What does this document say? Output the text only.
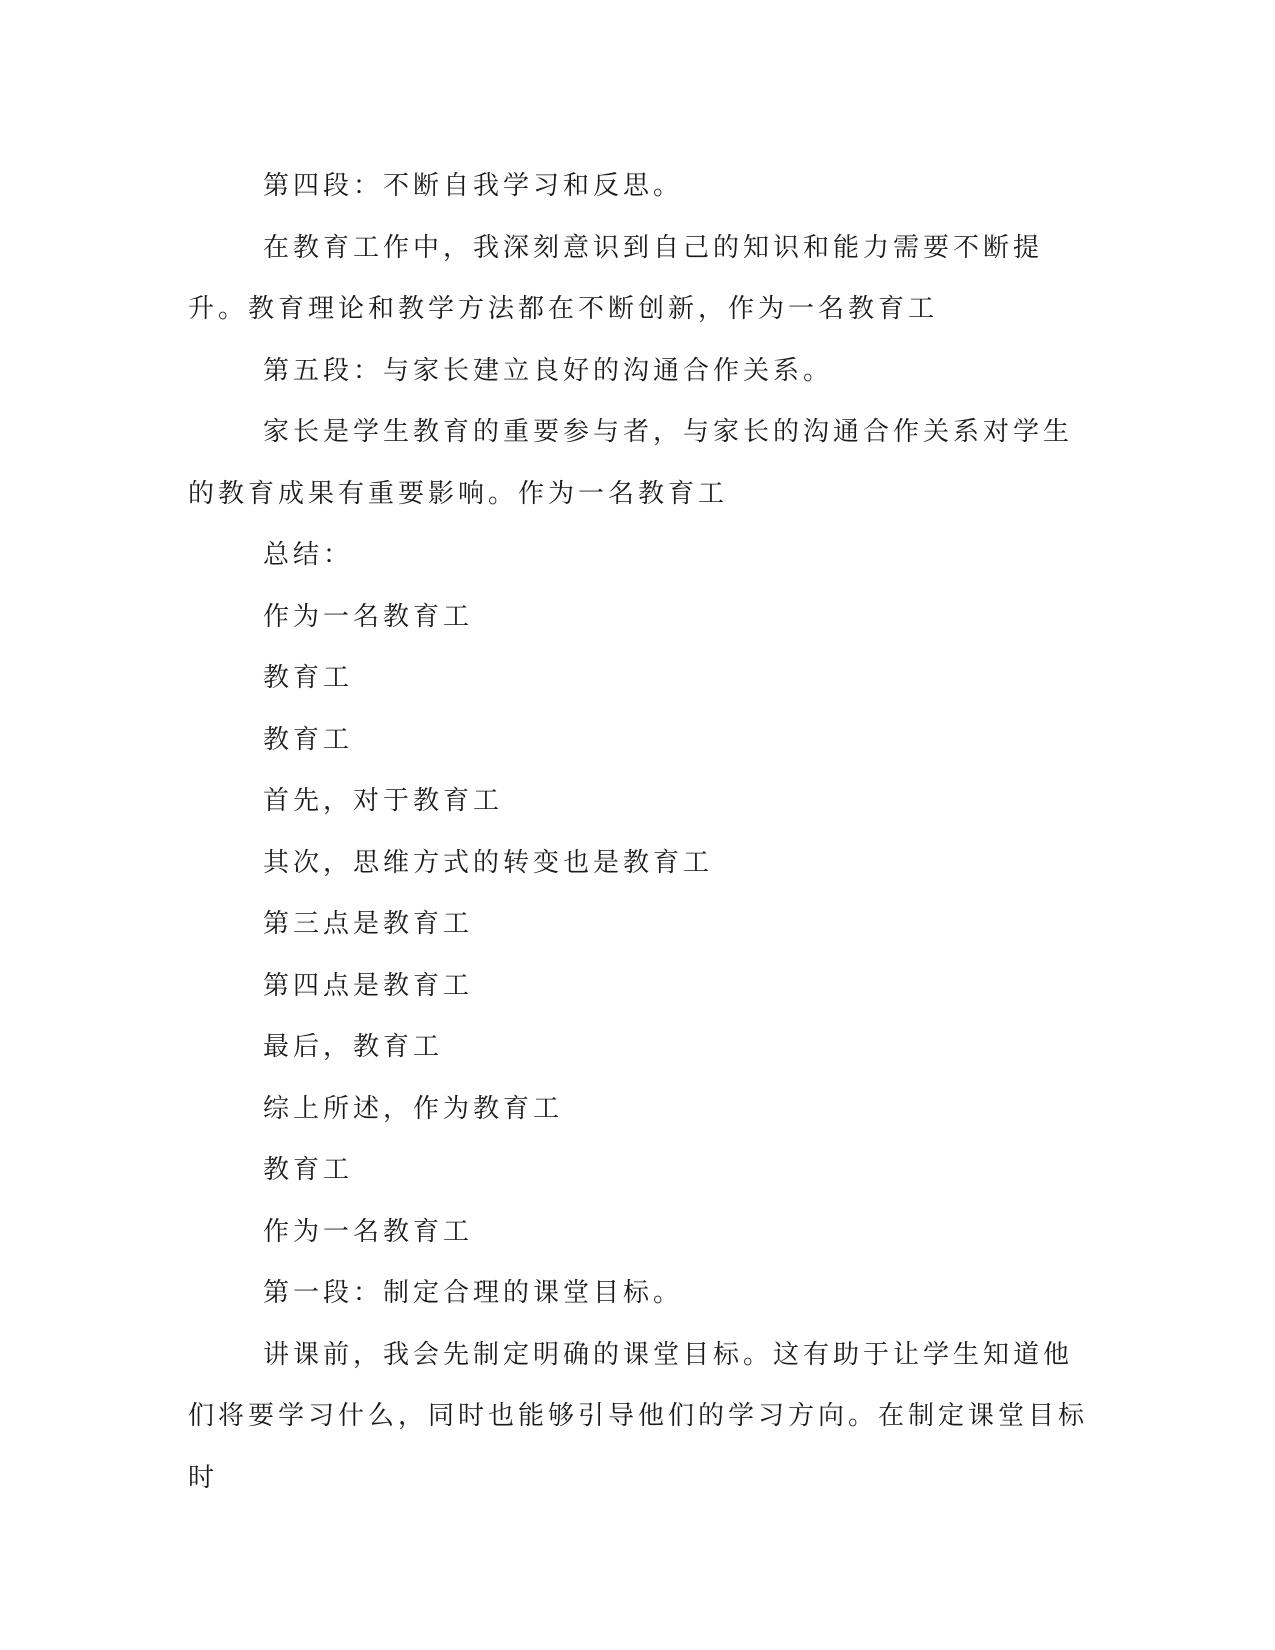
第四段：不断自我学习和反思。

在教育工作中，我深刻意识到自己的知识和能力需要不断提升。教育理论和教学方法都在不断创新，作为一名教育工

第五段：与家长建立良好的沟通合作关系。

家长是学生教育的重要参与者，与家长的沟通合作关系对学生的教育成果有重要影响。作为一名教育工

总结：

作为一名教育工

教育工

教育工

首先，对于教育工

其次，思维方式的转变也是教育工

第三点是教育工

第四点是教育工

最后，教育工

综上所述，作为教育工

教育工

作为一名教育工

第一段：制定合理的课堂目标。

讲课前，我会先制定明确的课堂目标。这有助于让学生知道他们将要学习什么，同时也能够引导他们的学习方向。在制定课堂目标时
